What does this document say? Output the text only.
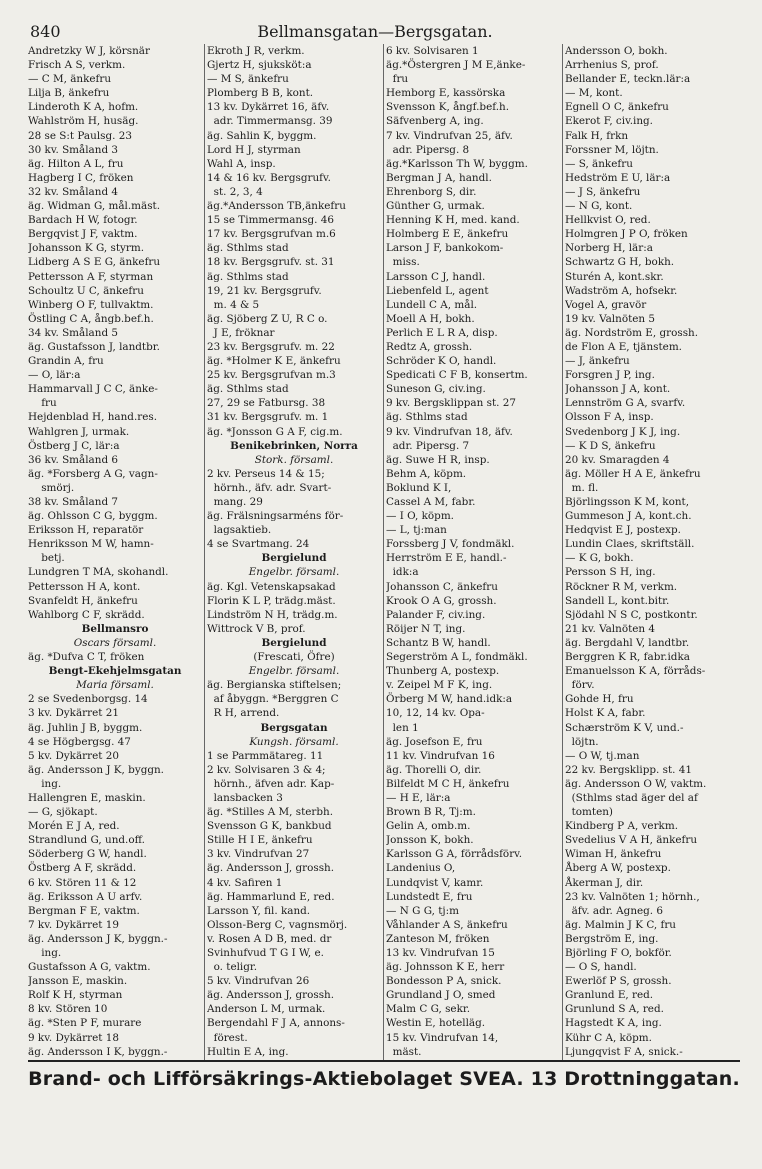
840	Bellmansgatan—Bergsgatan.
Andretzky W J, körsnär
Frisch A S, verkm.
— C M, änkefru
Lilja B, änkefru
Linderoth K A, hofm.
Wahlström H, husäg.
28 se S:t Paulsg. 23
30 kv. Småland 3
äg. Hilton A L, fru
Hagberg I C, fröken
32 kv. Småland 4
äg. Widman G, mål.mäst.
Bardach H W, fotogr.
Bergqvist J F, vaktm.
Johansson K G, styrm.
Lidberg A S E G, änkefru
Pettersson A F, styrman
Schoultz U C, änkefru
Winberg O F, tullvaktm.
Östling C A, ångb.bef.h.
34 kv. Småland 5
äg. Gustafsson J, landtbr.
Grandin A, fru
— O, lär:a
Hammarvall J C C, änke-
fru
Hejdenblad H, hand.res.
Wahlgren J, urmak.
Östberg J C, lär:a
36 kv. Småland 6
äg. *Forsberg A G, vagn-
smörj.
38 kv. Småland 7
äg. Ohlsson C G, byggm.
Eriksson H, reparatör
Henriksson M W, hamn-
betj.
Lundgren T MA, skohandl.
Pettersson H A, kont.
Svanfeldt H, änkefru
Wahlborg C F, skrädd.
Bellmansro
Oscars församl.
äg. *Dufva C T, fröken
Bengt-Ekehjelmsgatan
Maria församl.
2 se Svedenborgsg. 14
3 kv. Dykärret 21
äg. Juhlin J B, byggm.
4 se Högbergsg. 47
5 kv. Dykärret 20
äg. Andersson J K, byggn.
ing.
Hallengren E, maskin.
— G, sjökapt.
Morén E J A, red.
Strandlund G, und.off.
Söderberg G W, handl.
Östberg A F, skrädd.
6 kv. Stören 11 & 12
äg. Eriksson A U arfv.
Bergman F E, vaktm.
7 kv. Dykärret 19
äg. Andersson J K, byggn.-
ing.
Gustafsson A G, vaktm.
Jansson E, maskin.
Rolf K H, styrman
8 kv. Stören 10
äg. *Sten P F, murare
9 kv. Dykärret 18
äg. Andersson I K, byggn.-
Ekroth J R, verkm.
Gjertz H, sjuksköt:a
— M S, änkefru
Plomberg B B, kont.
13 kv. Dykärret 16, äfv.
adr. Timmermansg. 39
äg. Sahlin K, byggm.
Lord H J, styrman
Wahl A, insp.
14 & 16 kv. Bergsgrufv.
st. 2, 3, 4
äg.*Andersson TB,änkefru
15 se Timmermansg. 46
17 kv. Bergsgrufvan m.6
äg. Sthlms stad
18 kv. Bergsgrufv. st. 31
äg. Sthlms stad
19, 21 kv. Bergsgrufv.
m. 4 & 5
äg. Sjöberg Z U, R C o.
J E, fröknar
23 kv. Bergsgrufv. m. 22
äg. *Holmer K E, änkefru
25 kv. Bergsgrufvan m.3
äg. Sthlms stad
27, 29 se Fatbursg. 38
31 kv. Bergsgrufv. m. 1
äg. *Jonsson G A F, cig.m.
Benikebrinken, Norra
Stork. församl.
2 kv. Perseus 14 & 15;
hörnh., äfv. adr. Svart-
mang. 29
äg. Frälsningsarméns för-
lagsaktieb.
4 se Svartmang. 24
Bergielund
Engelbr. församl.
äg. Kgl. Vetenskapsakad
Florin K L P, trädg.mäst.
Lindström N H, trädg.m.
Wittrock V B, prof.
Bergielund
(Frescati, Öfre)
Engelbr. församl.
äg. Bergianska stiftelsen;
af åbyggn. *Berggren C
R H, arrend.
Bergsgatan
Kungsh. församl.
1 se Parmmätareg. 11
2 kv. Solvisaren 3 & 4;
hörnh., äfven adr. Kap-
lansbacken 3
äg. *Stilles A M, sterbh.
Svensson G K, bankbud
Stille H I E, änkefru
3 kv. Vindrufvan 27
äg. Andersson J, grossh.
4 kv. Safiren 1
äg. Hammarlund E, red.
Larsson Y, fil. kand.
Olsson-Berg C, vagnsmörj.
v. Rosen A D B, med. dr
Svinhufvud T G I W, e.
o. teligr.
5 kv. Vindrufvan 26
äg. Andersson J, grossh.
Anderson L M, urmak.
Bergendahl F J A, annons-
förest.
Hultin E A, ing.
6 kv. Solvisaren 1
äg.*Östergren J M E,änke-
fru
Hemborg E, kassörska
Svensson K, ångf.bef.h.
Säfvenberg A, ing.
7 kv. Vindrufvan 25, äfv.
adr. Pipersg. 8
äg.*Karlsson Th W, byggm.
Bergman J A, handl.
Ehrenborg S, dir.
Günther G, urmak.
Henning K H, med. kand.
Holmberg E E, änkefru
Larson J F, bankokom-
miss.
Larsson C J, handl.
Liebenfeld L, agent
Lundell C A, mål.
Moell A H, bokh.
Perlich E L R A, disp.
Redtz A, grossh.
Schröder K O, handl.
Spedicati C F B, konsertm.
Suneson G, civ.ing.
9 kv. Bergsklippan st. 27
äg. Sthlms stad
9 kv. Vindrufvan 18, äfv.
adr. Pipersg. 7
äg. Suwe H R, insp.
Behm A, köpm.
Boklund K I,
Cassel A M, fabr.
— I O, köpm.
— L, tj:man
Forssberg J V, fondmäkl.
Herrström E E, handl.-
idk:a
Johansson C, änkefru
Krook O A G, grossh.
Palander F, civ.ing.
Röijer N T, ing.
Schantz B W, handl.
Segerström A L, fondmäkl.
Thunberg A, postexp.
v. Zeipel M F K, ing.
Örberg M W, hand.idk:a
10, 12, 14 kv. Opa-
len 1
äg. Josefson E, fru
11 kv. Vindrufvan 16
äg. Thorelli O, dir.
Bilfeldt M C H, änkefru
— H E, lär:a
Brown B R, Tj:m.
Gelin A, omb.m.
Jonsson K, bokh.
Karlsson G A, förrådsförv.
Landenius O,
Lundqvist V, kamr.
Lundstedt E, fru
— N G G, tj:m
Våhlander A S, änkefru
Zanteson M, fröken
13 kv. Vindrufvan 15
äg. Johnsson K E, herr
Bondesson P A, snick.
Grundland J O, smed
Malm C G, sekr.
Westin E, hotelläg.
15 kv. Vindrufvan 14,
mäst.
Andersson O, bokh.
Arrhenius S, prof.
Bellander E, teckn.lär:a
— M, kont.
Egnell O C, änkefru
Ekerot F, civ.ing.
Falk H, frkn
Forssner M, löjtn.
— S, änkefru
Hedström E U, lär:a
— J S, änkefru
— N G, kont.
Hellkvist O, red.
Holmgren J P O, fröken
Norberg H, lär:a
Schwartz G H, bokh.
Sturén A, kont.skr.
Wadström A, hofsekr.
Vogel A, gravör
19 kv. Valnöten 5
äg. Nordström E, grossh.
de Flon A E, tjänstem.
— J, änkefru
Forsgren J P, ing.
Johansson J A, kont.
Lennström G A, svarfv.
Olsson F A, insp.
Svedenborg J K J, ing.
— K D S, änkefru
20 kv. Smaragden 4
äg. Möller H A E, änkefru
m. fl.
Björlingsson K M, kont,
Gummeson J A, kont.ch.
Hedqvist E J, postexp.
Lundin Claes, skriftställ.
— K G, bokh.
Persson S H, ing.
Röckner R M, verkm.
Sandell L, kont.bitr.
Sjödahl N S C, postkontr.
21 kv. Valnöten 4
äg. Bergdahl V, landtbr.
Berggren K R, fabr.idka
Emanuelsson K A, förråds-
förv.
Gohde H, fru
Holst K A, fabr.
Schærström K V, und.-
löjtn.
— O W, tj.man
22 kv. Bergsklipp. st. 41
äg. Andersson O W, vaktm.
(Sthlms stad äger del af
tomten)
Kindberg P A, verkm.
Svedelius V A H, änkefru
Wiman H, änkefru
Åberg A W, postexp.
Åkerman J, dir.
23 kv. Valnöten 1; hörnh.,
äfv. adr. Agneg. 6
äg. Malmin J K C, fru
Bergström E, ing.
Björling F O, bokför.
— O S, handl.
Ewerlöf P S, grossh.
Granlund E, red.
Grunlund S A, red.
Hagstedt K A, ing.
Kühr C A, köpm.
Ljungqvist F A, snick.-
Brand- och Lifförsäkrings-Aktiebolaget SVEA. 13 Drottninggatan.
